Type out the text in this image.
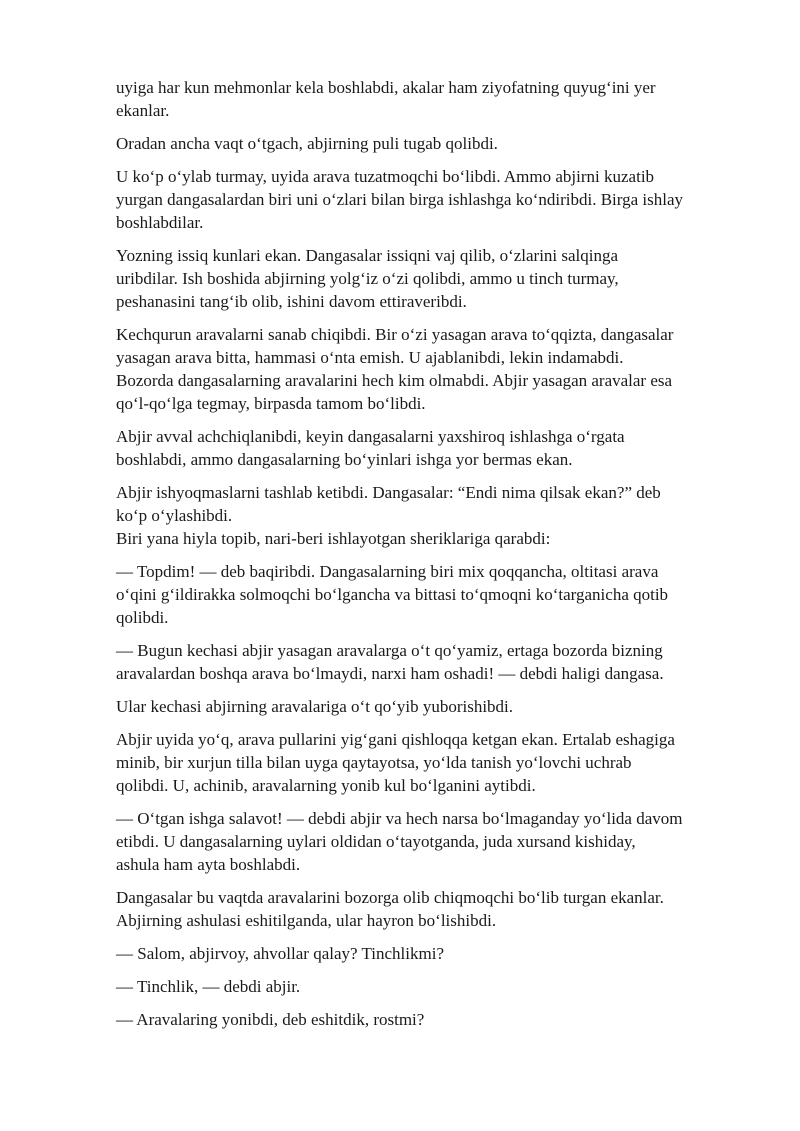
uyiga har kun mehmonlar kela boshlabdi, akalar ham ziyofatning quyug‘ini yer
ekanlar.

Oradan ancha vaqt o‘tgach, abjirning puli tugab qolibdi.

U ko‘p o‘ylab turmay, uyida arava tuzatmoqchi bo‘libdi. Ammo abjirni kuzatib
yurgan dangasalardan biri uni o‘zlari bilan birga ishlashga ko‘ndiribdi. Birga ishlay
boshlabdilar.

Yozning issiq kunlari ekan. Dangasalar issiqni vaj qilib, o‘zlarini salqinga
uribdilar. Ish boshida abjirning yolg‘iz o‘zi qolibdi, ammo u tinch turmay,
peshanasini tang‘ib olib, ishini davom ettiraveribdi.

Kechqurun aravalarni sanab chiqibdi. Bir o‘zi yasagan arava to‘qqizta, dangasalar
yasagan arava bitta, hammasi o‘nta emish. U ajablanibdi, lekin indamabdi.
Bozorda dangasalarning aravalarini hech kim olmabdi. Abjir yasagan aravalar esa
qo‘l-qo‘lga tegmay, birpasda tamom bo‘libdi.

Abjir avval achchiqlanibdi, keyin dangasalarni yaxshiroq ishlashga o‘rgata
boshlabdi, ammo dangasalarning bo‘yinlari ishga yor bermas ekan.

Abjir ishyoqmaslarni tashlab ketibdi. Dangasalar: “Endi nima qilsak ekan?” deb
ko‘p o‘ylashibdi.
Biri yana hiyla topib, nari-beri ishlayotgan sheriklariga qarabdi:

— Topdim! — deb baqiribdi. Dangasalarning biri mix qoqqancha, oltitasi arava
o‘qini g‘ildirakka solmoqchi bo‘lgancha va bittasi to‘qmoqni ko‘targanicha qotib
qolibdi.

— Bugun kechasi abjir yasagan aravalarga o‘t qo‘yamiz, ertaga bozorda bizning
aravalardan boshqa arava bo‘lmaydi, narxi ham oshadi! — debdi haligi dangasa.

Ular kechasi abjirning aravalariga o‘t qo‘yib yuborishibdi.

Abjir uyida yo‘q, arava pullarini yig‘gani qishloqqa ketgan ekan. Ertalab eshagiga
minib, bir xurjun tilla bilan uyga qaytayotsa, yo‘lda tanish yo‘lovchi uchrab
qolibdi. U, achinib, aravalarning yonib kul bo‘lganini aytibdi.

— O‘tgan ishga salavot! — debdi abjir va hech narsa bo‘lmaganday yo‘lida davom
etibdi. U dangasalarning uylari oldidan o‘tayotganda, juda xursand kishiday,
ashula ham ayta boshlabdi.

Dangasalar bu vaqtda aravalarini bozorga olib chiqmoqchi bo‘lib turgan ekanlar.
Abjirning ashulasi eshitilganda, ular hayron bo‘lishibdi.

— Salom, abjirvoy, ahvollar qalay? Tinchlikmi?

— Tinchlik, — debdi abjir.

— Aravalaring yonibdi, deb eshitdik, rostmi?
